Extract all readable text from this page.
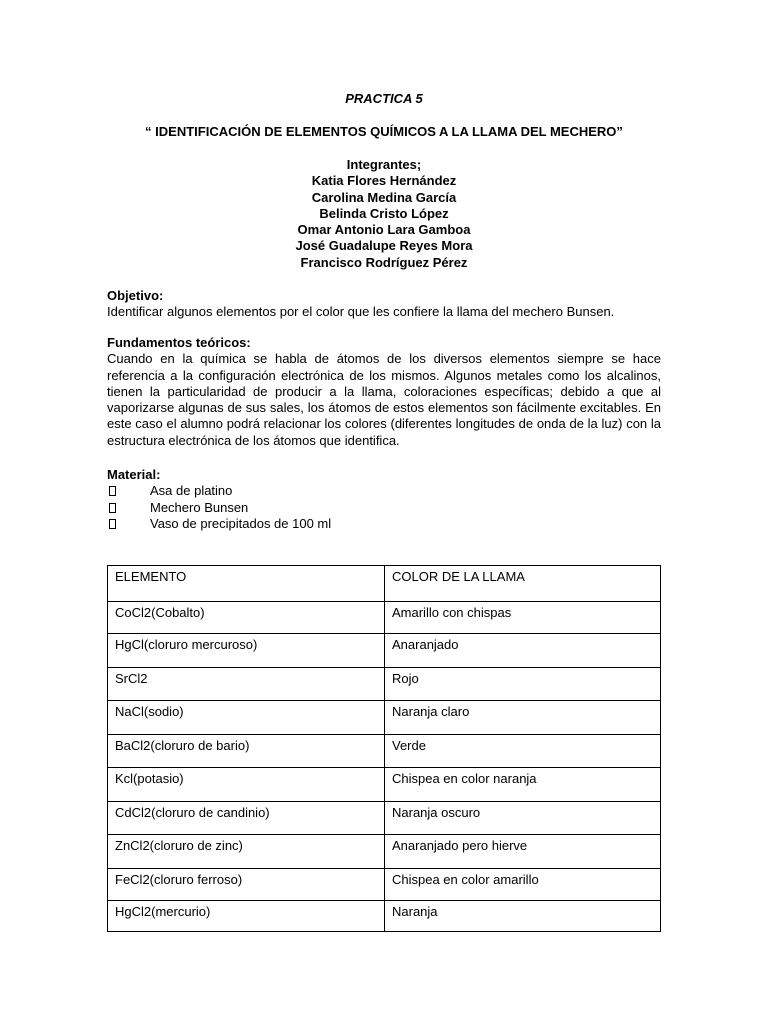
PRACTICA 5
“ IDENTIFICACIÓN DE ELEMENTOS QUÍMICOS A LA LLAMA DEL MECHERO”
Integrantes;
Katia Flores Hernández
Carolina Medina García
Belinda Cristo López
Omar Antonio Lara Gamboa
José Guadalupe Reyes Mora
Francisco Rodríguez Pérez
Objetivo:

Identificar algunos elementos por el color que les confiere la llama del mechero Bunsen.

Fundamentos teóricos:

Cuando en la química se habla de átomos de los diversos elementos siempre se hace referencia a la configuración electrónica de los mismos. Algunos metales como los alcalinos, tienen la particularidad de producir a la llama, coloraciones específicas; debido a que al vaporizarse algunas de sus sales, los átomos de estos elementos son fácilmente excitables. En este caso el alumno podrá relacionar los colores (diferentes longitudes de onda de la luz) con la estructura electrónica de los átomos que identifica.

Material:
Asa de platino
Mechero Bunsen
Vaso de precipitados de 100 ml
ELEMENTO	COLOR DE LA LLAMA
CoCl2(Cobalto)	Amarillo con chispas
HgCl(cloruro mercuroso)	Anaranjado
SrCl2	Rojo
NaCl(sodio)	Naranja claro
BaCl2(cloruro de bario)	Verde
Kcl(potasio)	Chispea en color naranja
CdCl2(cloruro de candinio)	Naranja oscuro
ZnCl2(cloruro de zinc)	Anaranjado pero hierve
FeCl2(cloruro ferroso)	Chispea en color amarillo
HgCl2(mercurio)	Naranja
